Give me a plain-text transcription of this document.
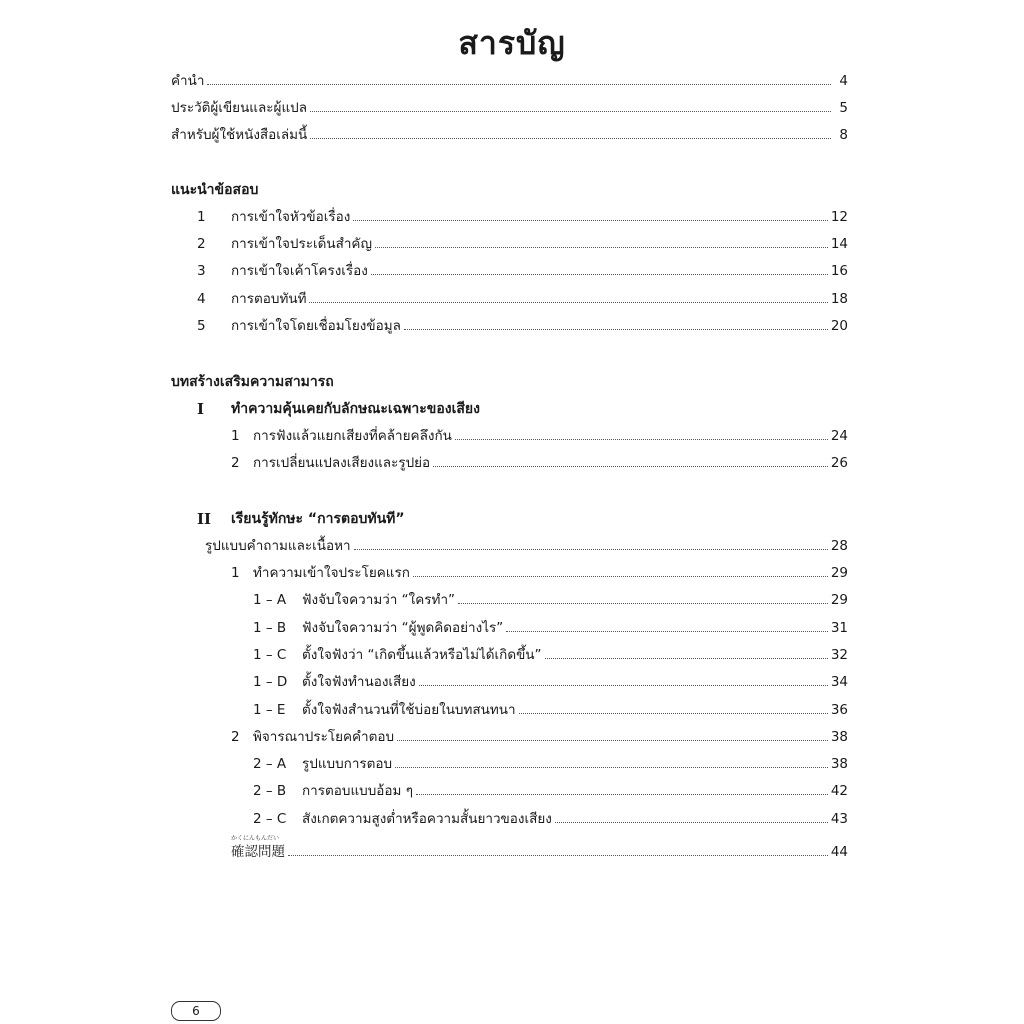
สารบัญ
คำนำ	4
ประวัติผู้เขียนและผู้แปล	5
สำหรับผู้ใช้หนังสือเล่มนี้	8
แนะนำข้อสอบ
1	การเข้าใจหัวข้อเรื่อง	12
2	การเข้าใจประเด็นสำคัญ	14
3	การเข้าใจเค้าโครงเรื่อง	16
4	การตอบทันที	18
5	การเข้าใจโดยเชื่อมโยงข้อมูล	20
บทสร้างเสริมความสามารถ
I ทำความคุ้นเคยกับลักษณะเฉพาะของเสียง
1 การฟังแล้วแยกเสียงที่คล้ายคลึงกัน	24
2 การเปลี่ยนแปลงเสียงและรูปย่อ	26
II เรียนรู้ทักษะ “การตอบทันที”
รูปแบบคำถามและเนื้อหา	28
1 ทำความเข้าใจประโยคแรก	29
1 – A	ฟังจับใจความว่า “ใครทำ”	29
1 – B	ฟังจับใจความว่า “ผู้พูดคิดอย่างไร”	31
1 – C	ตั้งใจฟังว่า “เกิดขึ้นแล้วหรือไม่ได้เกิดขึ้น”	32
1 – D	ตั้งใจฟังทำนองเสียง	34
1 – E	ตั้งใจฟังสำนวนที่ใช้บ่อยในบทสนทนา	36
2 พิจารณาประโยคคำตอบ	38
2 – A	รูปแบบการตอบ	38
2 – B	การตอบแบบอ้อม ๆ	42
2 – C	สังเกตความสูงต่ำหรือความสั้นยาวของเสียง	43
かくにんもんだい
確認問題	44
6
